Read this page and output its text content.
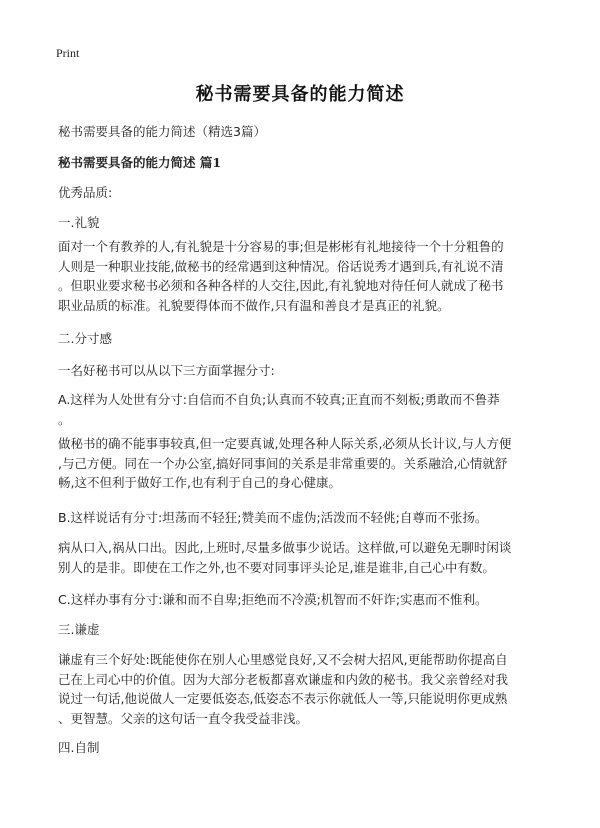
Print
秘书需要具备的能力简述
秘书需要具备的能力简述（精选3篇）
秘书需要具备的能力简述 篇1
优秀品质:
一.礼貌
面对一个有教养的人,有礼貌是十分容易的事;但是彬彬有礼地接待一个十分粗鲁的
人则是一种职业技能,做秘书的经常遇到这种情况。俗话说秀才遇到兵,有礼说不清
。但职业要求秘书必须和各种各样的人交往,因此,有礼貌地对待任何人就成了秘书
职业品质的标准。礼貌要得体而不做作,只有温和善良才是真正的礼貌。
二.分寸感
一名好秘书可以从以下三方面掌握分寸:
A.这样为人处世有分寸:自信而不自负;认真而不较真;正直而不刻板;勇敢而不鲁莽
。
做秘书的确不能事事较真,但一定要真诚,处理各种人际关系,必须从长计议,与人方便
,与己方便。同在一个办公室,搞好同事间的关系是非常重要的。关系融洽,心情就舒
畅,这不但利于做好工作,也有利于自己的身心健康。
B.这样说话有分寸:坦荡而不轻狂;赞美而不虚伪;活泼而不轻佻;自尊而不张扬。
病从口入,祸从口出。因此,上班时,尽量多做事少说话。这样做,可以避免无聊时闲谈
别人的是非。即使在工作之外,也不要对同事评头论足,谁是谁非,自己心中有数。
C.这样办事有分寸:谦和而不自卑;拒绝而不冷漠;机智而不奸诈;实惠而不惟利。
三.谦虚
谦虚有三个好处:既能使你在别人心里感觉良好,又不会树大招风,更能帮助你提高自
己在上司心中的价值。因为大部分老板都喜欢谦虚和内敛的秘书。我父亲曾经对我
说过一句话,他说做人一定要低姿态,低姿态不表示你就低人一等,只能说明你更成熟
、更智慧。父亲的这句话一直令我受益非浅。
四.自制
